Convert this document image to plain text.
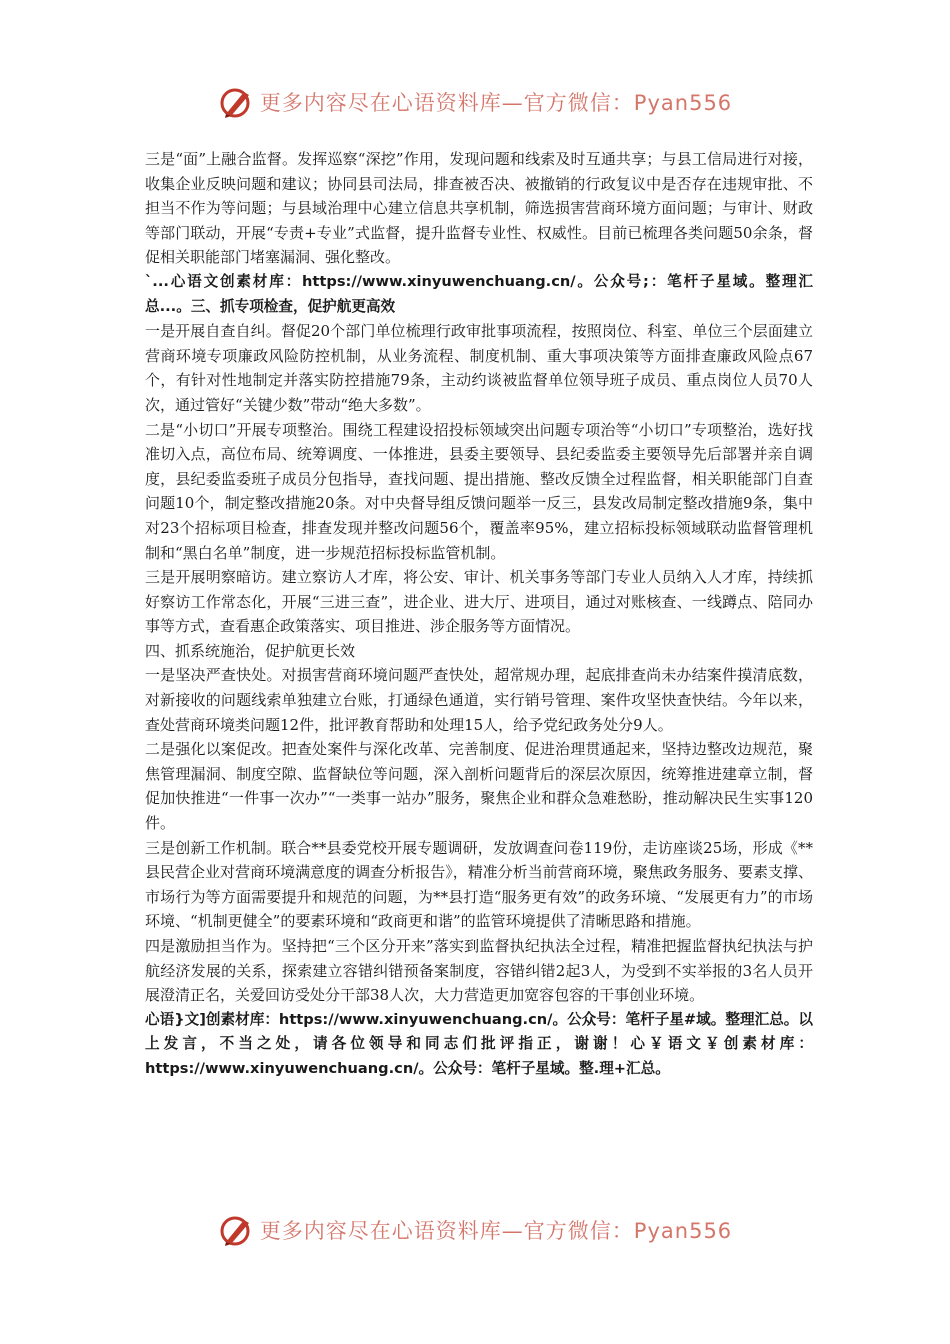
更多内容尽在心语资料库—官方微信：Pyan556

三是“面”上融合监督。发挥巡察“深挖”作用，发现问题和线索及时互通共享；与县工信局进行对接，收集企业反映问题和建议；协同县司法局，排查被否决、被撤销的行政复议中是否存在违规审批、不担当不作为等问题；与县域治理中心建立信息共享机制，筛选损害营商环境方面问题；与审计、财政等部门联动，开展“专责+专业”式监督，提升监督专业性、权威性。目前已梳理各类问题50余条，督促相关职能部门堵塞漏洞、强化整改。

`...心语文创素材库：https://www.xinyuwenchuang.cn/。公众号;：笔杆子星域。整理汇总...。三、抓专项检查，促护航更高效

一是开展自查自纠。督促20个部门单位梳理行政审批事项流程，按照岗位、科室、单位三个层面建立营商环境专项廉政风险防控机制，从业务流程、制度机制、重大事项决策等方面排查廉政风险点67个，有针对性地制定并落实防控措施79条，主动约谈被监督单位领导班子成员、重点岗位人员70人次，通过管好“关键少数”带动“绝大多数”。

二是“小切口”开展专项整治。围绕工程建设招投标领域突出问题专项治等“小切口”专项整治，选好找准切入点，高位布局、统筹调度、一体推进，县委主要领导、县纪委监委主要领导先后部署并亲自调度，县纪委监委班子成员分包指导，查找问题、提出措施、整改反馈全过程监督，相关职能部门自查问题10个，制定整改措施20条。对中央督导组反馈问题举一反三，县发改局制定整改措施9条，集中对23个招标项目检查，排查发现并整改问题56个，覆盖率95%，建立招标投标领域联动监督管理机制和“黑白名单”制度，进一步规范招标投标监管机制。

三是开展明察暗访。建立察访人才库，将公安、审计、机关事务等部门专业人员纳入人才库，持续抓好察访工作常态化，开展“三进三查”，进企业、进大厅、进项目，通过对账核查、一线蹲点、陪同办事等方式，查看惠企政策落实、项目推进、涉企服务等方面情况。

四、抓系统施治，促护航更长效

一是坚决严查快处。对损害营商环境问题严查快处，超常规办理，起底排查尚未办结案件摸清底数，对新接收的问题线索单独建立台账，打通绿色通道，实行销号管理、案件攻坚快查快结。今年以来，查处营商环境类问题12件，批评教育帮助和处理15人，给予党纪政务处分9人。

二是强化以案促改。把查处案件与深化改革、完善制度、促进治理贯通起来，坚持边整改边规范，聚焦管理漏洞、制度空隙、监督缺位等问题，深入剖析问题背后的深层次原因，统筹推进建章立制，督促加快推进“一件事一次办”“一类事一站办”服务，聚焦企业和群众急难愁盼，推动解决民生实事120件。

三是创新工作机制。联合**县委党校开展专题调研，发放调查问卷119份，走访座谈25场，形成《**县民营企业对营商环境满意度的调查分析报告》，精准分析当前营商环境，聚焦政务服务、要素支撑、市场行为等方面需要提升和规范的问题，为**县打造“服务更有效”的政务环境、“发展更有力”的市场环境、“机制更健全”的要素环境和“政商更和谐”的监管环境提供了清晰思路和措施。

四是激励担当作为。坚持把“三个区分开来”落实到监督执纪执法全过程，精准把握监督执纪执法与护航经济发展的关系，探索建立容错纠错预备案制度，容错纠错2起3人，为受到不实举报的3名人员开展澄清正名，关爱回访受处分干部38人次，大力营造更加宽容包容的干事创业环境。

心语}文]创素材库：https://www.xinyuwenchuang.cn/。公众号：笔杆子星#域。整理汇总。以上发言，不当之处，请各位领导和同志们批评指正，谢谢！心￥语文￥创素材库：https://www.xinyuwenchuang.cn/。公众号：笔杆子星域。整.理+汇总。

更多内容尽在心语资料库—官方微信：Pyan556
